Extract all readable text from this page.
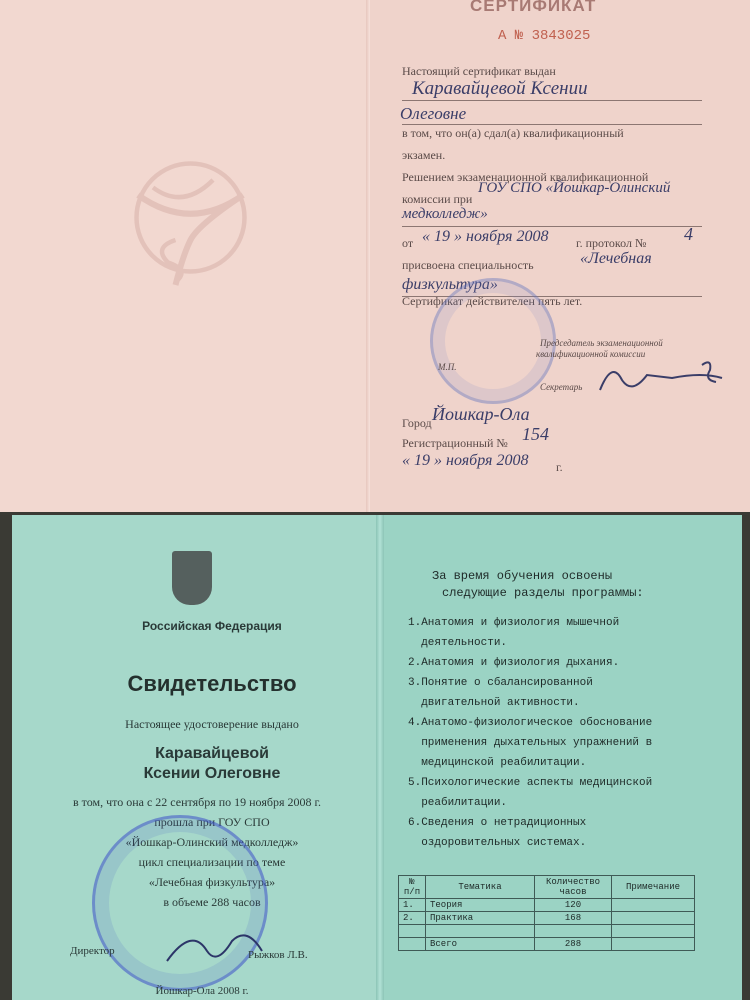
СЕРТИФИКАТ
А № 3843025
Настоящий сертификат выдан
Каравайцевой Ксении
Олеговне
в том, что он(а) сдал(а) квалификационный
экзамен.
Решением экзаменационной квалификационной
комиссии при
ГОУ СПО «Йошкар-Олинский
медколледж»
от « 19 » ноября 2008 г. протокол № 4
присвоена специальность	«Лечебная
физкультура»
Сертификат действителен пять лет.
Председатель экзаменационной
квалификационной комиссии
М.П.
Секретарь
Город Йошкар-Ола
Регистрационный № 154
« 19 » ноября 2008 г.
Российская Федерация
Свидетельство
Настоящее удостоверение выдано
Каравайцевой
Ксении Олеговне
в том, что она с 22 сентября по 19 ноября 2008 г.
прошла при ГОУ СПО
«Йошкар-Олинский медколледж»
цикл специализации по теме
«Лечебная физкультура»
в объеме 288 часов
Директор	Рыжков Л.В.
Йошкар-Ола 2008 г.
За время обучения освоены
следующие разделы программы:
1.Анатомия и физиология мышечной
деятельности.
2.Анатомия и физиология дыхания.
3.Понятие о сбалансированной
двигательной активности.
4.Анатомо-физиологическое обоснование
применения дыхательных упражнений в
медицинской реабилитации.
5.Психологические аспекты медицинской
реабилитации.
6.Сведения о нетрадиционных
оздоровительных системах.
№ п/п	Тематика	Количество часов	Примечание
1.	Теория	120	
2.	Практика	168	

	Всего	288	
